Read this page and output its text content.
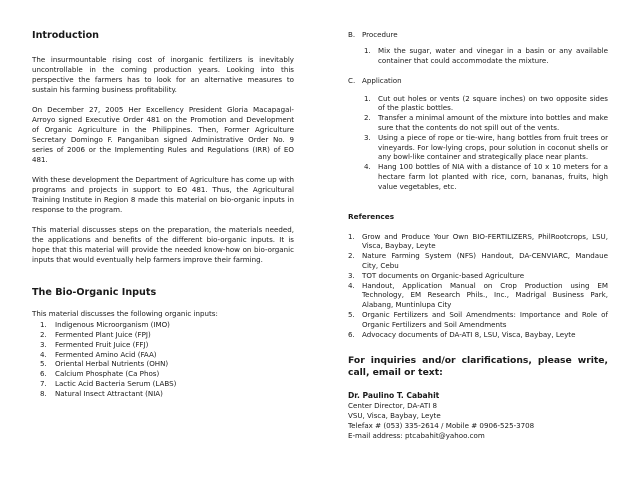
Introduction

The insurmountable rising cost of inorganic fertilizers is inevitably uncontrollable in the coming production years. Looking into this perspective the farmers has to look for an alternative measures to sustain his farming business profitability.

On December 27, 2005 Her Excellency President Gloria Macapagal-Arroyo signed Executive Order 481 on the Promotion and Development of Organic Agriculture in the Philippines. Then, Former Agriculture Secretary Domingo F. Panganiban signed Administrative Order No. 9 series of 2006 or the Implementing Rules and Regulations (IRR) of EO 481.

With these development the Department of Agriculture has come up with programs and projects in support to EO 481. Thus, the Agricultural Training Institute in Region 8 made this material on bio-organic inputs in response to the program.

This material discusses steps on the preparation, the materials needed, the applications and benefits of the different bio-organic inputs. It is hope that this material will provide the needed know-how on bio-organic inputs that would eventually help farmers improve their farming.

The Bio-Organic Inputs

This material discusses the following organic inputs:

1. Indigenous Microorganism (IMO)
2. Fermented Plant Juice (FPJ)
3. Fermented Fruit Juice (FFJ)
4. Fermented Amino Acid (FAA)
5. Oriental Herbal Nutrients (OHN)
6. Calcium Phosphate (Ca Phos)
7. Lactic Acid Bacteria Serum (LABS)
8. Natural Insect Attractant (NIA)
B. Procedure
1. Mix the sugar, water and vinegar in a basin or any available container that could accommodate the mixture.
C. Application
1. Cut out holes or vents (2 square inches) on two opposite sides of the plastic bottles.
2. Transfer a minimal amount of the mixture into bottles and make sure that the contents do not spill out of the vents.
3. Using a piece of rope or tie-wire, hang bottles from fruit trees or vineyards. For low-lying crops, pour solution in coconut shells or any bowl-like container and strategically place near plants.
4. Hang 100 bottles of NIA with a distance of 10 x 10 meters for a hectare farm lot planted with rice, corn, bananas, fruits, high value vegetables, etc.
References
1. Grow and Produce Your Own BIO-FERTILIZERS, PhilRootcrops, LSU, Visca, Baybay, Leyte
2. Nature Farming System (NFS) Handout, DA-CENVIARC, Mandaue City, Cebu
3. TOT documents on Organic-based Agriculture
4. Handout, Application Manual on Crop Production using EM Technology, EM Research Phils., Inc., Madrigal Business Park, Alabang, Muntinlupa City
5. Organic Fertilizers and Soil Amendments: Importance and Role of Organic Fertilizers and Soil Amendments
6. Advocacy documents of DA-ATI 8, LSU, Visca, Baybay, Leyte
For inquiries and/or clarifications, please write, call, email or text:

Dr. Paulino T. Cabahit

Center Director, DA-ATI 8

VSU, Visca, Baybay, Leyte

Telefax # (053) 335-2614 / Mobile # 0906-525-3708

E-mail address: ptcabahit@yahoo.com
